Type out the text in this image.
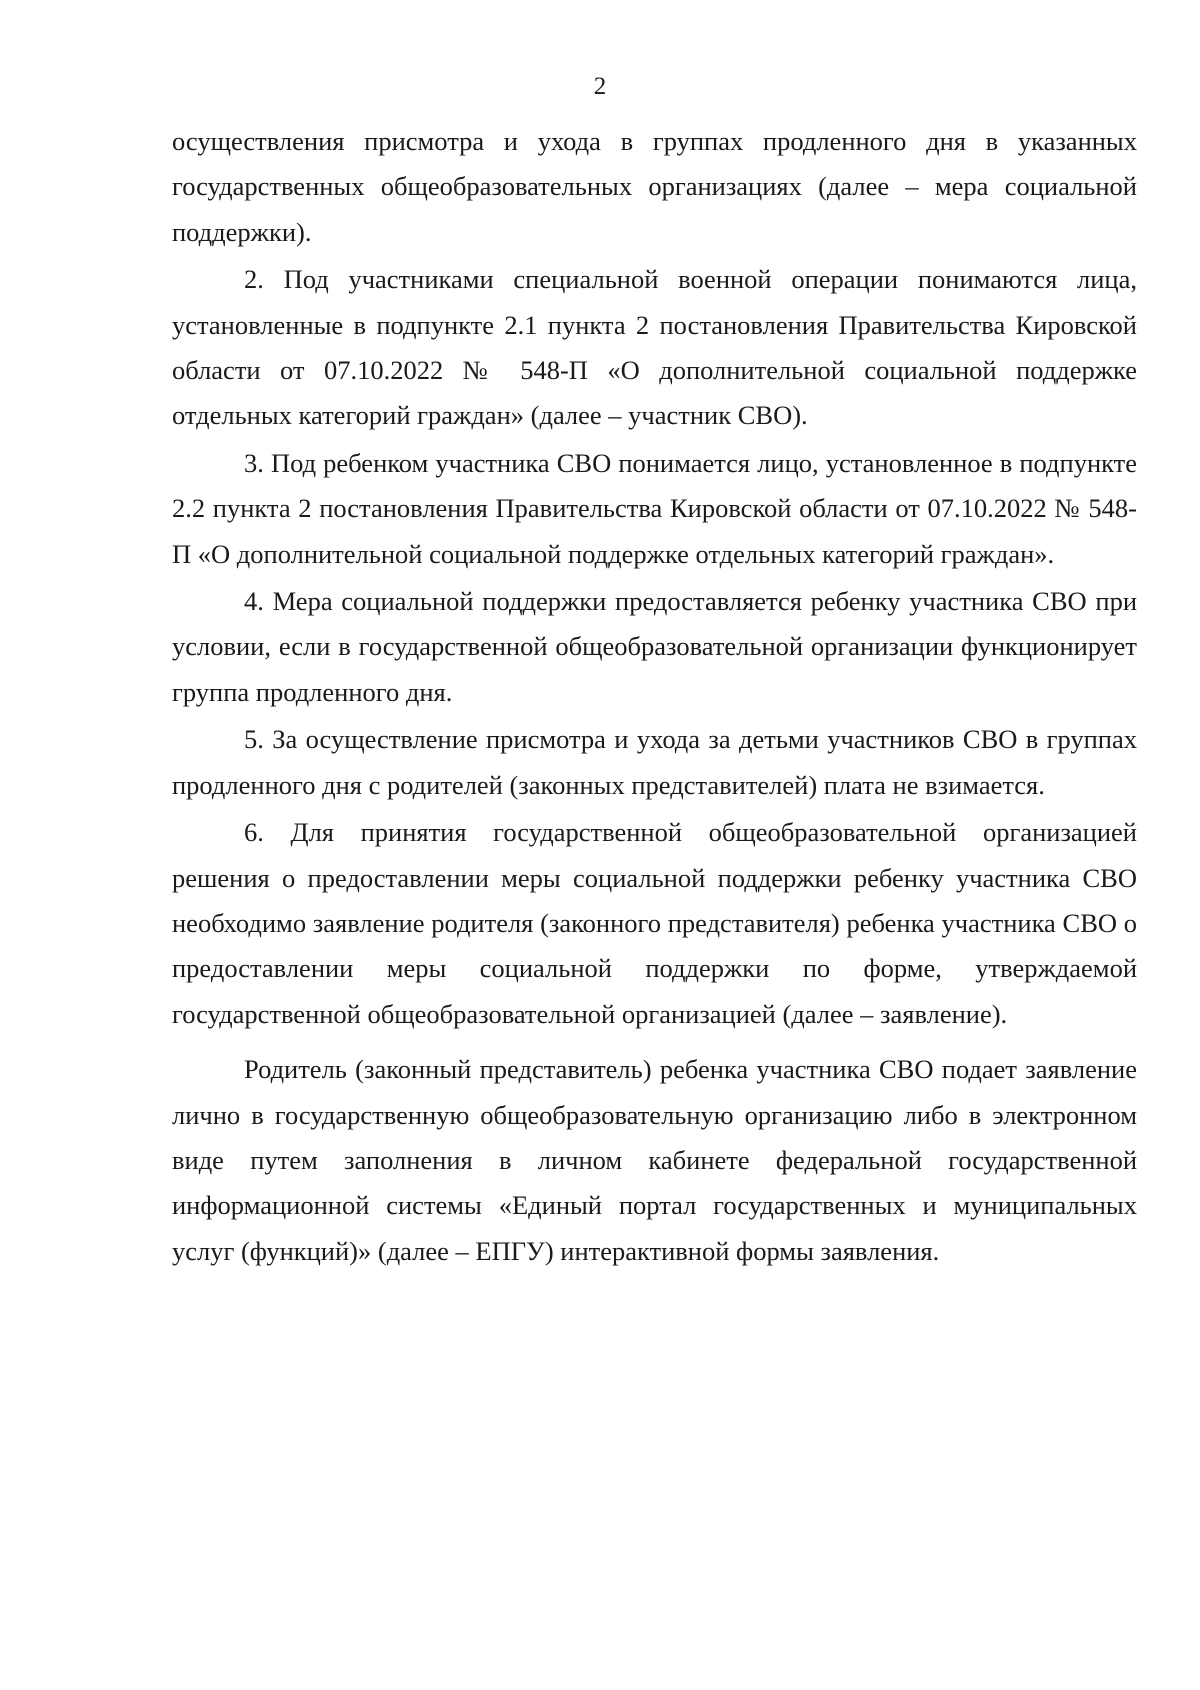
2

осуществления присмотра и ухода в группах продленного дня в указанных государственных общеобразовательных организациях (далее – мера социальной поддержки).

2. Под участниками специальной военной операции понимаются лица, установленные в подпункте 2.1 пункта 2 постановления Правительства Кировской области от 07.10.2022 № 548-П «О дополнительной социальной поддержке отдельных категорий граждан» (далее – участник СВО).

3. Под ребенком участника СВО понимается лицо, установленное в подпункте 2.2 пункта 2 постановления Правительства Кировской области от 07.10.2022 № 548-П «О дополнительной социальной поддержке отдельных категорий граждан».

4. Мера социальной поддержки предоставляется ребенку участника СВО при условии, если в государственной общеобразовательной организации функционирует группа продленного дня.

5. За осуществление присмотра и ухода за детьми участников СВО в группах продленного дня с родителей (законных представителей) плата не взимается.

6. Для принятия государственной общеобразовательной организацией решения о предоставлении меры социальной поддержки ребенку участника СВО необходимо заявление родителя (законного представителя) ребенка участника СВО о предоставлении меры социальной поддержки по форме, утверждаемой государственной общеобразовательной организацией (далее – заявление).

Родитель (законный представитель) ребенка участника СВО подает заявление лично в государственную общеобразовательную организацию либо в электронном виде путем заполнения в личном кабинете федеральной государственной информационной системы «Единый портал государственных и муниципальных услуг (функций)» (далее – ЕПГУ) интерактивной формы заявления.
